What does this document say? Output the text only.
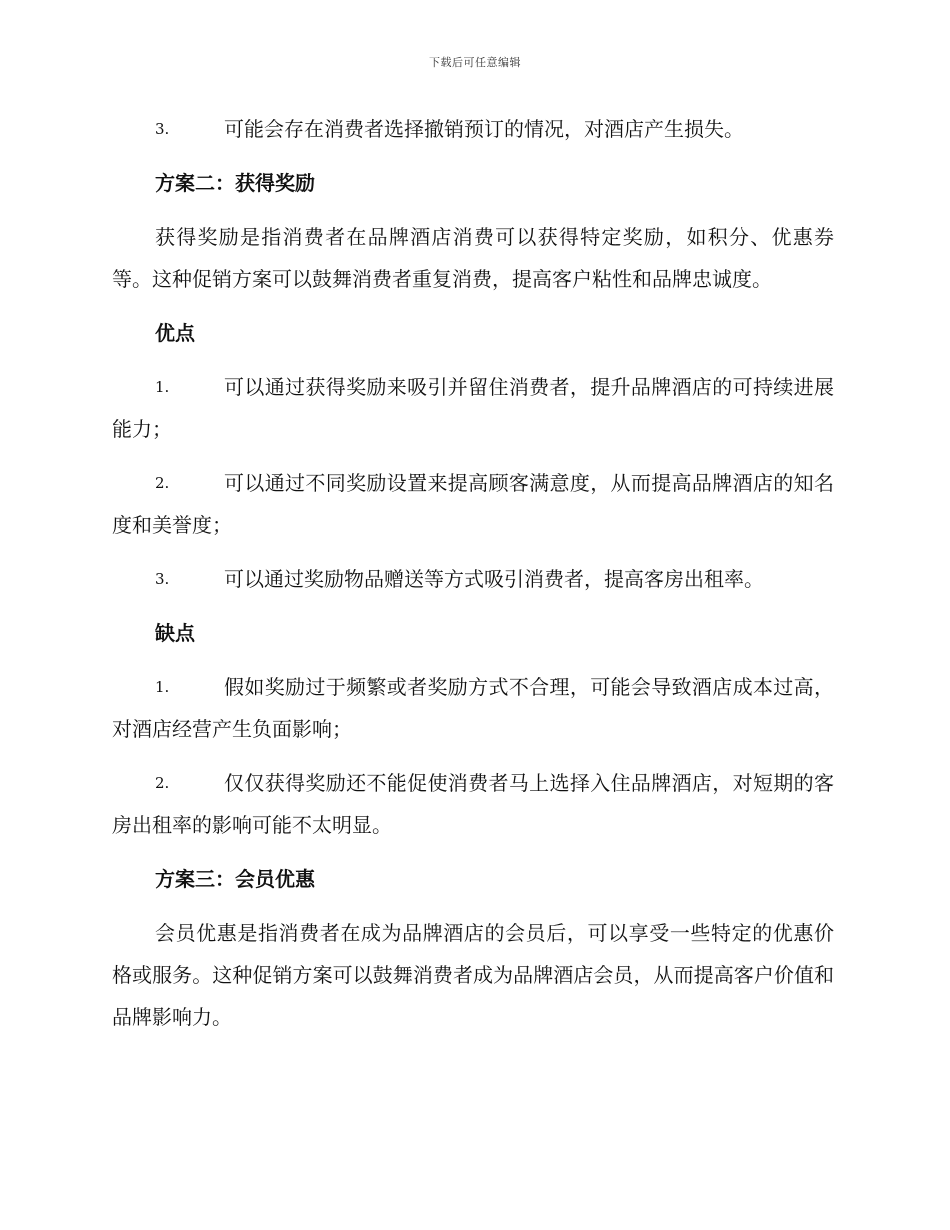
下载后可任意编辑
3.	可能会存在消费者选择撤销预订的情况，对酒店产生损失。
方案二：获得奖励
获得奖励是指消费者在品牌酒店消费可以获得特定奖励，如积分、优惠券等。这种促销方案可以鼓舞消费者重复消费，提高客户粘性和品牌忠诚度。
优点
1.	可以通过获得奖励来吸引并留住消费者，提升品牌酒店的可持续进展能力；
2.	可以通过不同奖励设置来提高顾客满意度，从而提高品牌酒店的知名度和美誉度；
3.	可以通过奖励物品赠送等方式吸引消费者，提高客房出租率。
缺点
1.	假如奖励过于频繁或者奖励方式不合理，可能会导致酒店成本过高，对酒店经营产生负面影响；
2.	仅仅获得奖励还不能促使消费者马上选择入住品牌酒店，对短期的客房出租率的影响可能不太明显。
方案三：会员优惠
会员优惠是指消费者在成为品牌酒店的会员后，可以享受一些特定的优惠价格或服务。这种促销方案可以鼓舞消费者成为品牌酒店会员，从而提高客户价值和品牌影响力。
